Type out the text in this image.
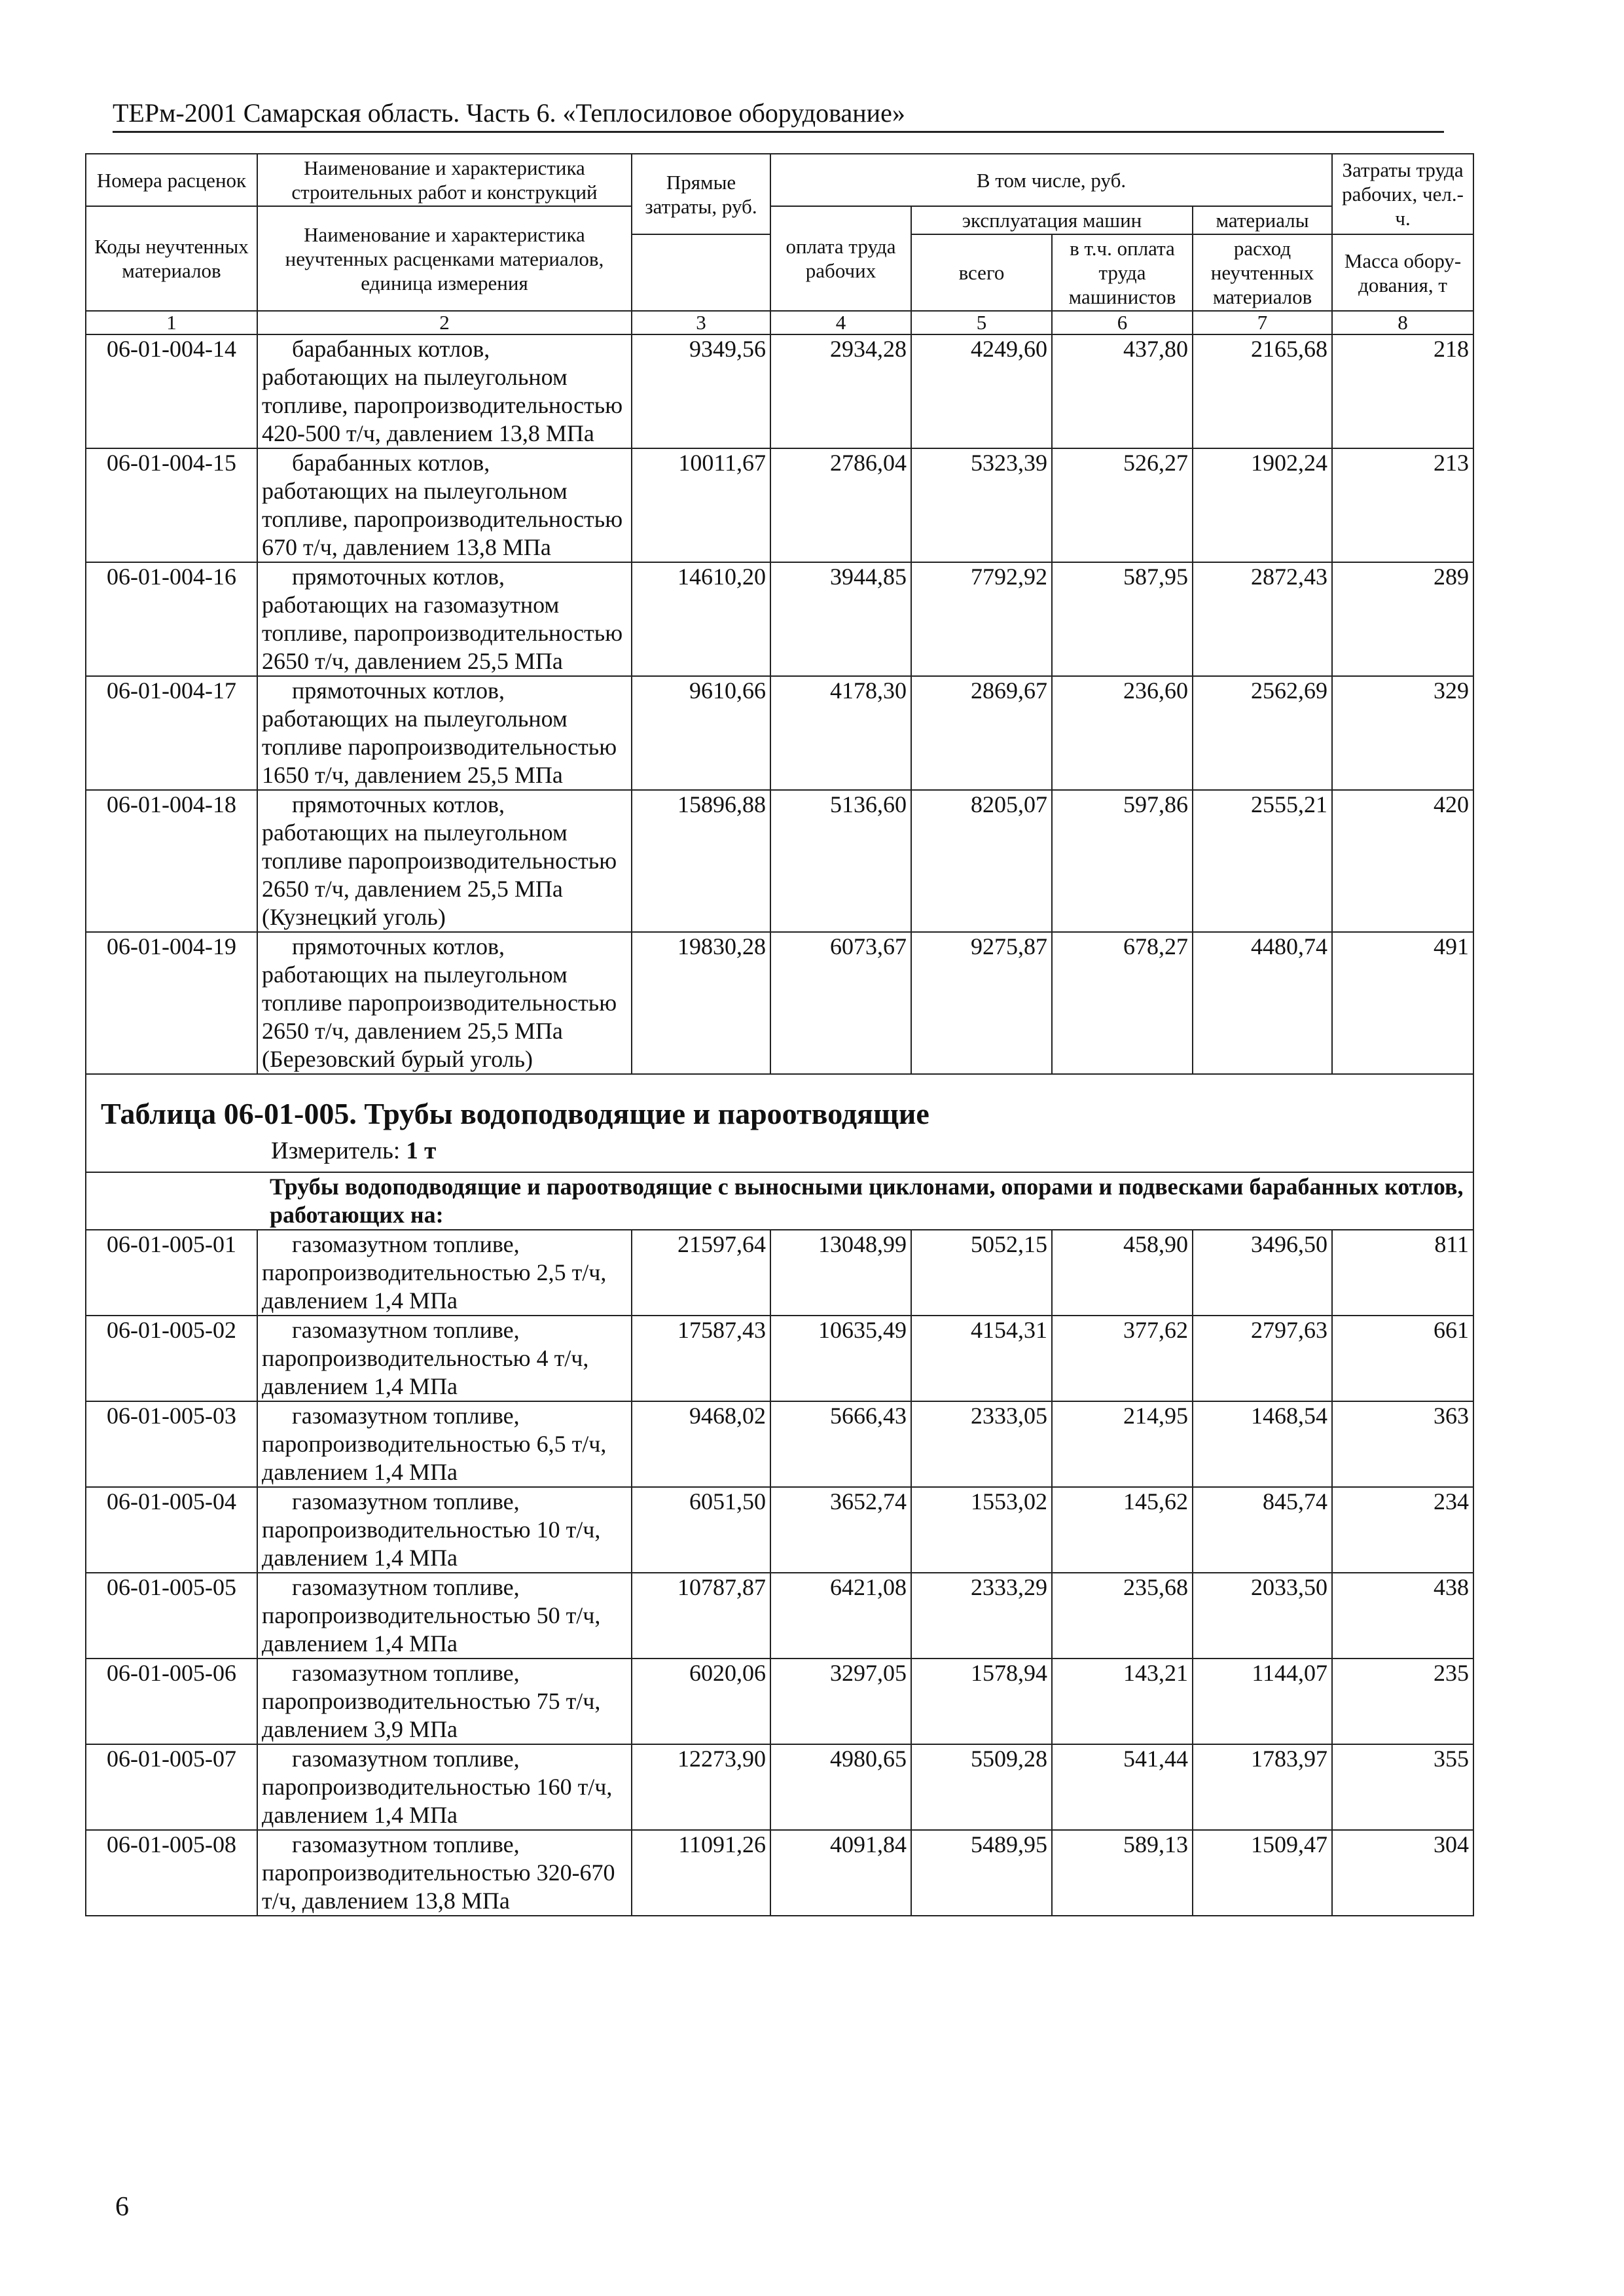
ТЕРм-2001 Самарская область. Часть 6. «Теплосиловое оборудование»
Номера расценок	Наименование и характеристика строительных работ и конструкций	Прямые затраты, руб.	В том числе, руб.				Затраты труда рабочих, чел.-ч.
Коды неучтенных материалов	Наименование и характеристика неучтенных расценками материалов, единица измерения		оплата труда рабочих	эксплуатация машин		материалы	
				всего	в т.ч. оплата труда машинистов	расход неучтенных материалов	Масса обору-дования, т

1	2	3	4	5	6	7	8
06-01-004-14	барабанных котлов,
работающих на пылеугольном топливе, паропроизводительностью 420-500 т/ч, давлением 13,8 МПа	9349,56	2934,28	4249,60	437,80	2165,68	218
06-01-004-15	барабанных котлов,
работающих на пылеугольном топливе, паропроизводительностью 670 т/ч, давлением 13,8 МПа	10011,67	2786,04	5323,39	526,27	1902,24	213
06-01-004-16	прямоточных котлов,
работающих на газомазутном топливе, паропроизводительностью 2650 т/ч, давлением 25,5 МПа	14610,20	3944,85	7792,92	587,95	2872,43	289
06-01-004-17	прямоточных котлов,
работающих на пылеугольном топливе паропроизводительностью 1650 т/ч, давлением 25,5 МПа	9610,66	4178,30	2869,67	236,60	2562,69	329
06-01-004-18	прямоточных котлов,
работающих на пылеугольном топливе паропроизводительностью 2650 т/ч, давлением 25,5 МПа (Кузнецкий уголь)	15896,88	5136,60	8205,07	597,86	2555,21	420
06-01-004-19	прямоточных котлов,
работающих на пылеугольном топливе паропроизводительностью 2650 т/ч, давлением 25,5 МПа (Березовский бурый уголь)	19830,28	6073,67	9275,87	678,27	4480,74	491

Таблица 06-01-005. Трубы водоподводящие и пароотводящие
Измеритель: 1 т							

Трубы водоподводящие и пароотводящие с выносными циклонами, опорами и подвесками барабанных котлов, работающих на:							
06-01-005-01	газомазутном топливе,
паропроизводительностью 2,5 т/ч, давлением 1,4 МПа	21597,64	13048,99	5052,15	458,90	3496,50	811
06-01-005-02	газомазутном топливе,
паропроизводительностью 4 т/ч, давлением 1,4 МПа	17587,43	10635,49	4154,31	377,62	2797,63	661
06-01-005-03	газомазутном топливе,
паропроизводительностью 6,5 т/ч, давлением 1,4 МПа	9468,02	5666,43	2333,05	214,95	1468,54	363
06-01-005-04	газомазутном топливе,
паропроизводительностью 10 т/ч, давлением 1,4 МПа	6051,50	3652,74	1553,02	145,62	845,74	234
06-01-005-05	газомазутном топливе,
паропроизводительностью 50 т/ч, давлением 1,4 МПа	10787,87	6421,08	2333,29	235,68	2033,50	438
06-01-005-06	газомазутном топливе,
паропроизводительностью 75 т/ч, давлением 3,9 МПа	6020,06	3297,05	1578,94	143,21	1144,07	235
06-01-005-07	газомазутном топливе,
паропроизводительностью 160 т/ч, давлением 1,4 МПа	12273,90	4980,65	5509,28	541,44	1783,97	355
06-01-005-08	газомазутном топливе,
паропроизводительностью 320-670 т/ч, давлением 13,8 МПа	11091,26	4091,84	5489,95	589,13	1509,47	304
6
